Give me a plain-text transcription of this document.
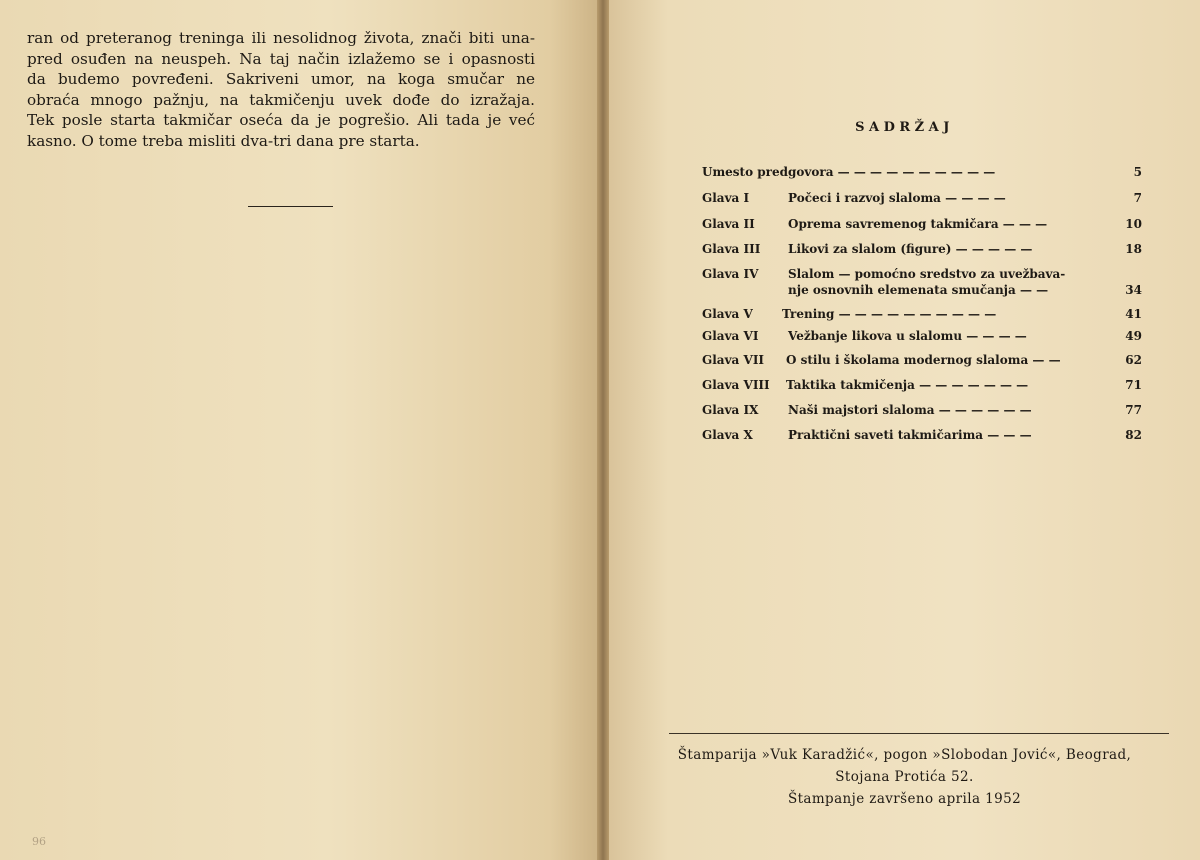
ran od preteranog treninga ili nesolidnog života, znači biti una-
pred osuđen na neuspeh. Na taj način izlažemo se i opasnosti
da budemo povređeni. Sakriveni umor, na koga smučar ne
obraća mnogo pažnju, na takmičenju uvek dođe do izražaja.
Tek posle starta takmičar oseća da je pogrešio. Ali tada je već
kasno. O tome treba misliti dva-tri dana pre starta.
96
SADRŽAJ
Umesto predgovora — — — — — — — — — —	5
Glava I	Počeci i razvoj slaloma — — — —	7
Glava II	Oprema savremenog takmičara — — —	10
Glava III Likovi za slalom (figure) — — — — —	18
Glava IV Slalom — pomoćno sredstvo za uvežbava-
nje osnovnih elemenata smučanja — —	34
Glava V Trening — — — — — — — — — —	41
Glava VI Vežbanje likova u slalomu — — — —	49
Glava VII O stilu i školama modernog slaloma — —	62
Glava VIII Taktika takmičenja — — — — — — —	71
Glava IX Naši majstori slaloma — — — — — —	77
Glava X	Praktični saveti takmičarima — — —	82
Štamparija »Vuk Karadžić«, pogon »Slobodan Jović«, Beograd,
Stojana Protića 52.
Štampanje završeno aprila 1952
